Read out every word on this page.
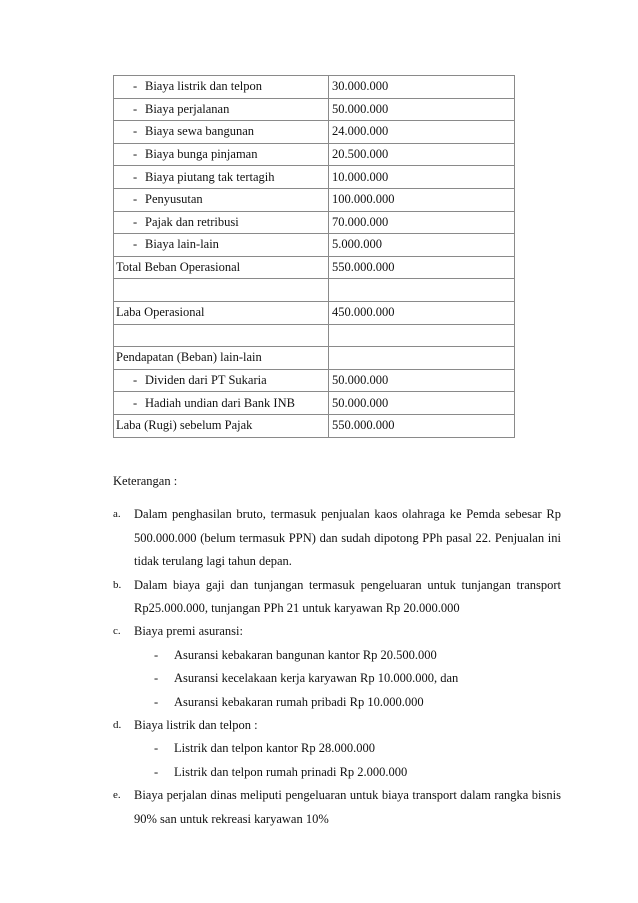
- Biaya listrik dan telpon	30.000.000
- Biaya perjalanan	50.000.000
- Biaya sewa bangunan	24.000.000
- Biaya bunga pinjaman	20.500.000
- Biaya piutang tak tertagih	10.000.000
- Penyusutan	100.000.000
- Pajak dan retribusi	70.000.000
- Biaya lain-lain	5.000.000
Total Beban Operasional	550.000.000

Laba Operasional	450.000.000

Pendapatan (Beban) lain-lain	
- Dividen dari PT Sukaria	50.000.000
- Hadiah undian dari Bank INB	50.000.000
Laba (Rugi) sebelum Pajak	550.000.000
Keterangan :
a.	Dalam penghasilan bruto, termasuk penjualan kaos olahraga ke Pemda sebesar Rp 500.000.000 (belum termasuk PPN) dan sudah dipotong PPh pasal 22. Penjualan ini tidak terulang lagi tahun depan.
b.	Dalam biaya gaji dan tunjangan termasuk pengeluaran untuk tunjangan transport Rp25.000.000, tunjangan PPh 21 untuk karyawan Rp 20.000.000
c.	Biaya premi asuransi:
-	Asuransi kebakaran bangunan kantor Rp 20.500.000
-	Asuransi kecelakaan kerja karyawan Rp 10.000.000, dan
-	Asuransi kebakaran rumah pribadi Rp 10.000.000
d.	Biaya listrik dan telpon :
-	Listrik dan telpon kantor Rp 28.000.000
-	Listrik dan telpon rumah prinadi Rp 2.000.000
e.	Biaya perjalan dinas meliputi pengeluaran untuk biaya transport dalam rangka bisnis 90% san untuk rekreasi karyawan 10%
